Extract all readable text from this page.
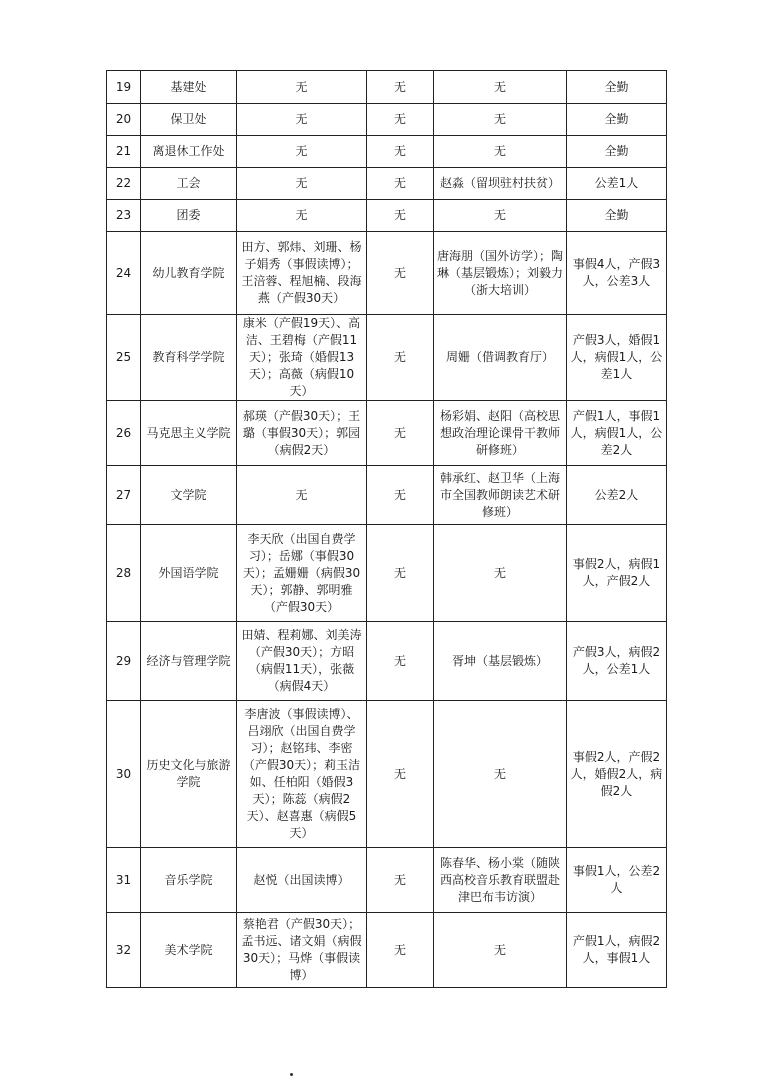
19	基建处	无	无	无	全勤
20	保卫处	无	无	无	全勤
21	离退休工作处	无	无	无	全勤
22	工会	无	无	赵淼（留坝驻村扶贫）	公差1人
23	团委	无	无	无	全勤
24	幼儿教育学院	田方、郭炜、刘珊、杨子娟秀（事假读博）；王涪蓉、程旭楠、段海燕（产假30天）	无	唐海朋（国外访学）；陶琳（基层锻炼）；刘毅力（浙大培训）	事假4人，产假3人，公差3人
25	教育科学学院	康米（产假19天）、高洁、王碧梅（产假11天）；张琦（婚假13天）；高薇（病假10天）	无	周姗（借调教育厅）	产假3人，婚假1人，病假1人，公差1人
26	马克思主义学院	郝瑛（产假30天）；王璐（事假30天）；郭园（病假2天）	无	杨彩娟、赵阳（高校思想政治理论课骨干教师研修班）	产假1人，事假1人，病假1人，公差2人
27	文学院	无	无	韩承红、赵卫华（上海市全国教师朗读艺术研修班）	公差2人
28	外国语学院	李天欣（出国自费学习）；岳娜（事假30天）；孟姗姗（病假30天）；郭静、郭明雅（产假30天）	无	无	事假2人，病假1人，产假2人
29	经济与管理学院	田婧、程莉娜、刘美涛（产假30天）；方昭（病假11天），张薇（病假4天）	无	胥坤（基层锻炼）	产假3人，病假2人，公差1人
30	历史文化与旅游学院	李唐波（事假读博）、吕翊欣（出国自费学习）；赵铭玮、李密（产假30天）；莉玉洁如、任柏阳（婚假3天）；陈蕊（病假2天）、赵喜惠（病假5天）	无	无	事假2人，产假2人，婚假2人，病假2人
31	音乐学院	赵悦（出国读博）	无	陈春华、杨小棠（随陕西高校音乐教育联盟赴津巴布韦访演）	事假1人，公差2人
32	美术学院	蔡艳君（产假30天）；孟书远、诸文娟（病假30天）；马烨（事假读博）	无	无	产假1人，病假2人，事假1人
